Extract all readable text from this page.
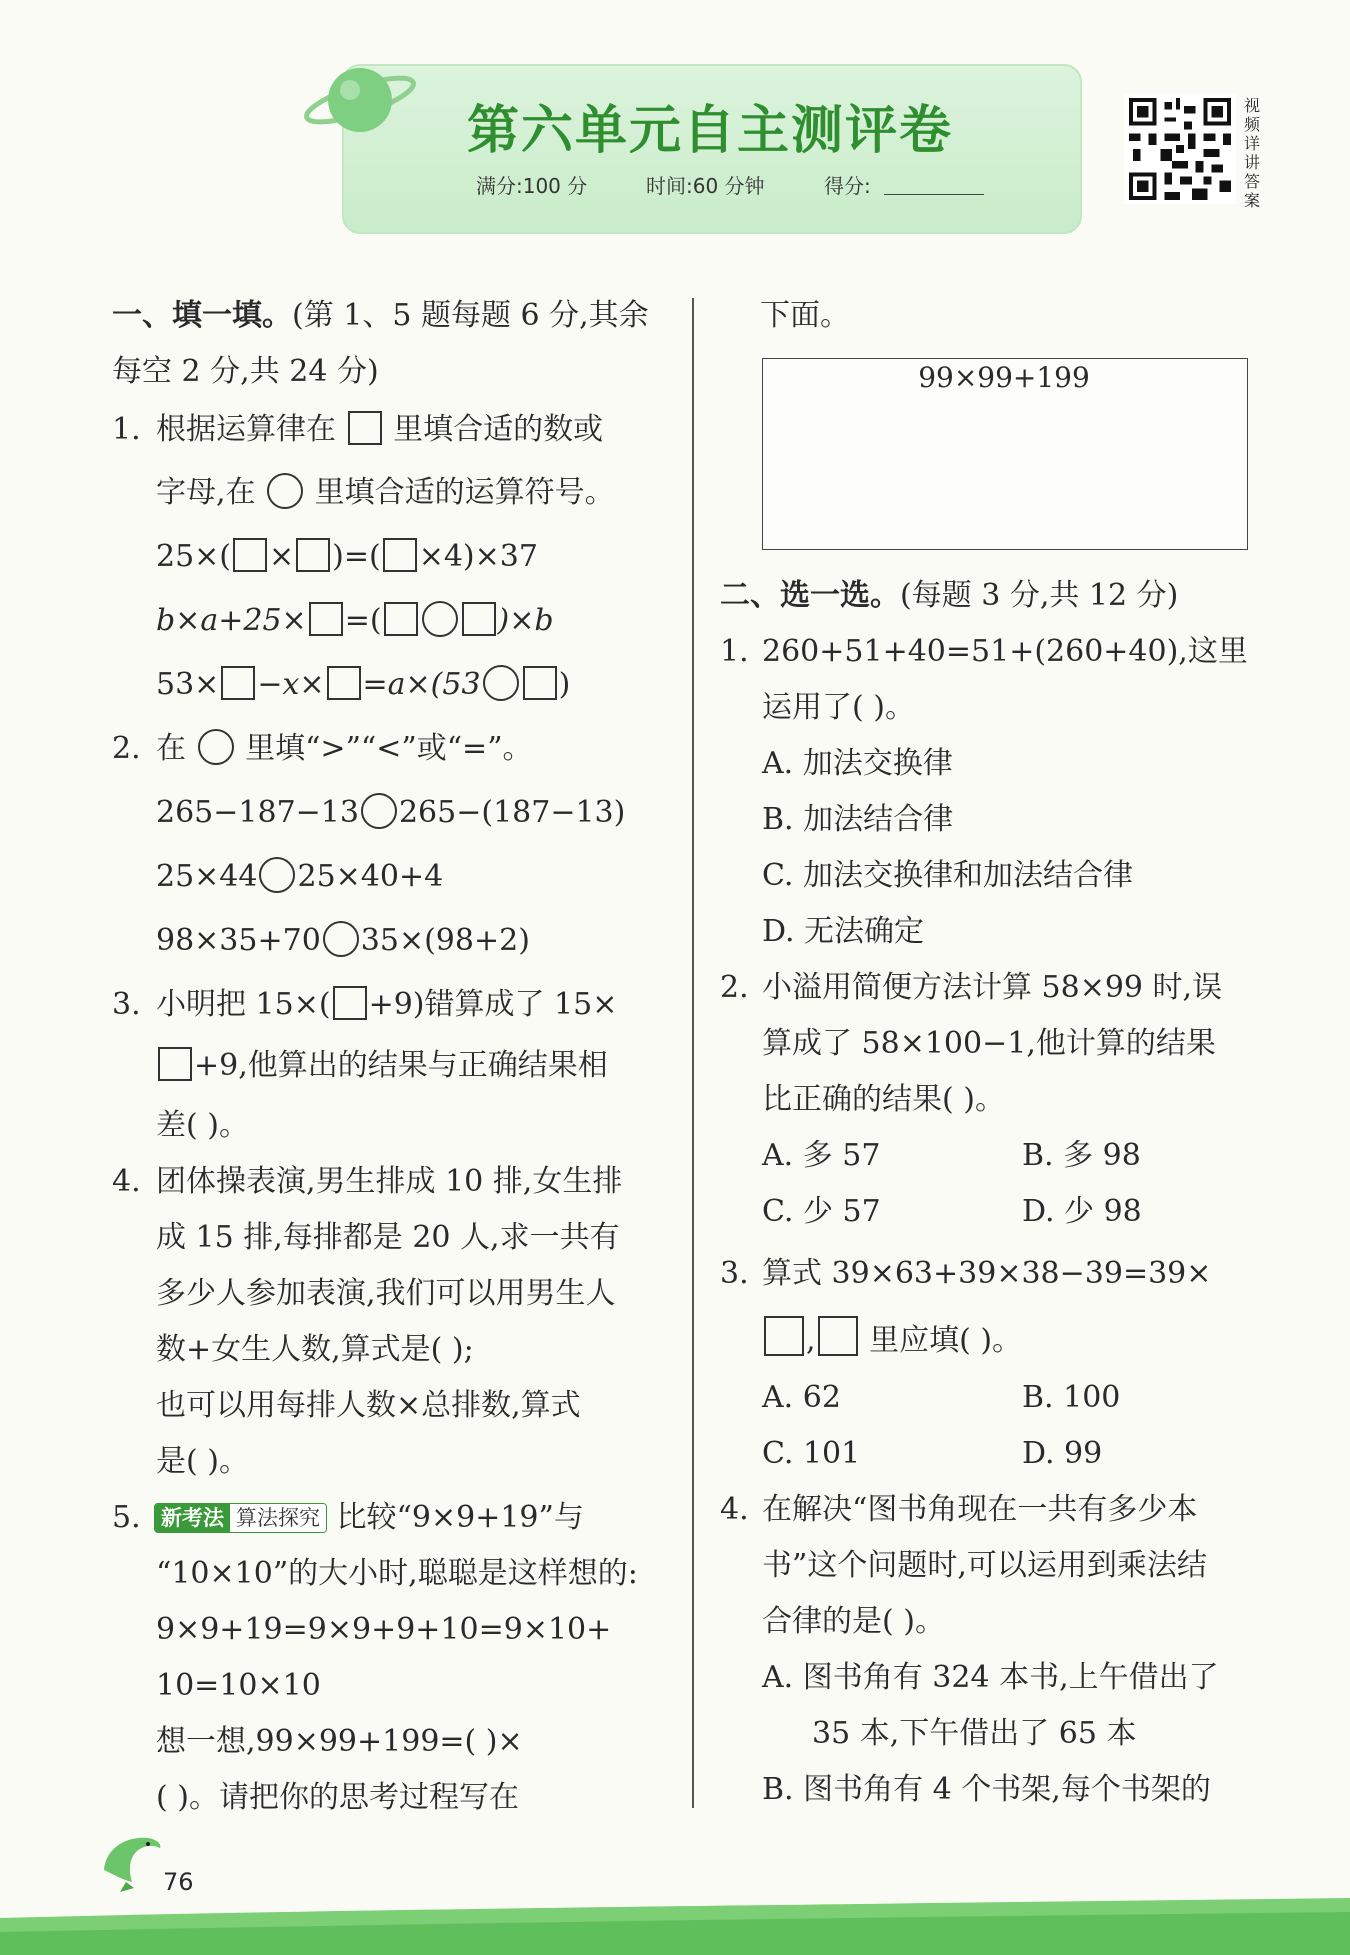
第六单元自主测评卷
满分:100 分	时间:60 分钟	得分:
视频详讲答案
一、填一填。(第 1、5 题每题 6 分,其余
每空 2 分,共 24 分)
1. 根据运算律在 里填合适的数或
字母,在 里填合适的运算符号。
25×( × )=( ×4)×37
b×a+25× =(	)×b
53× −x× =a×(53	)
2. 在 里填“>”“<”或“=”。
265−187−13 265−(187−13)
25×44 25×40+4
98×35+70 35×(98+2)
3. 小明把 15×( +9)错算成了 15×
+9,他算出的结果与正确结果相
差( )。
4. 团体操表演,男生排成 10 排,女生排
成 15 排,每排都是 20 人,求一共有
多少人参加表演,我们可以用男生人
数+女生人数,算式是( );
也可以用每排人数×总排数,算式
是( )。
5. 新考法 算法探究 比较“9×9+19”与
“10×10”的大小时,聪聪是这样想的:
9×9+19=9×9+9+10=9×10+
10=10×10
想一想,99×99+199=( )×
( )。请把你的思考过程写在
下面。
99×99+199
二、选一选。(每题 3 分,共 12 分)
1. 260+51+40=51+(260+40),这里
运用了( )。
A. 加法交换律
B. 加法结合律
C. 加法交换律和加法结合律
D. 无法确定
2. 小溢用简便方法计算 58×99 时,误
算成了 58×100−1,他计算的结果
比正确的结果( )。
A. 多 57	B. 多 98
C. 少 57	D. 少 98
3. 算式 39×63+39×38−39=39×
, 里应填( )。
A. 62	B. 100
C. 101	D. 99
4. 在解决“图书角现在一共有多少本
书”这个问题时,可以运用到乘法结
合律的是( )。
A. 图书角有 324 本书,上午借出了
35 本,下午借出了 65 本
B. 图书角有 4 个书架,每个书架的
76
